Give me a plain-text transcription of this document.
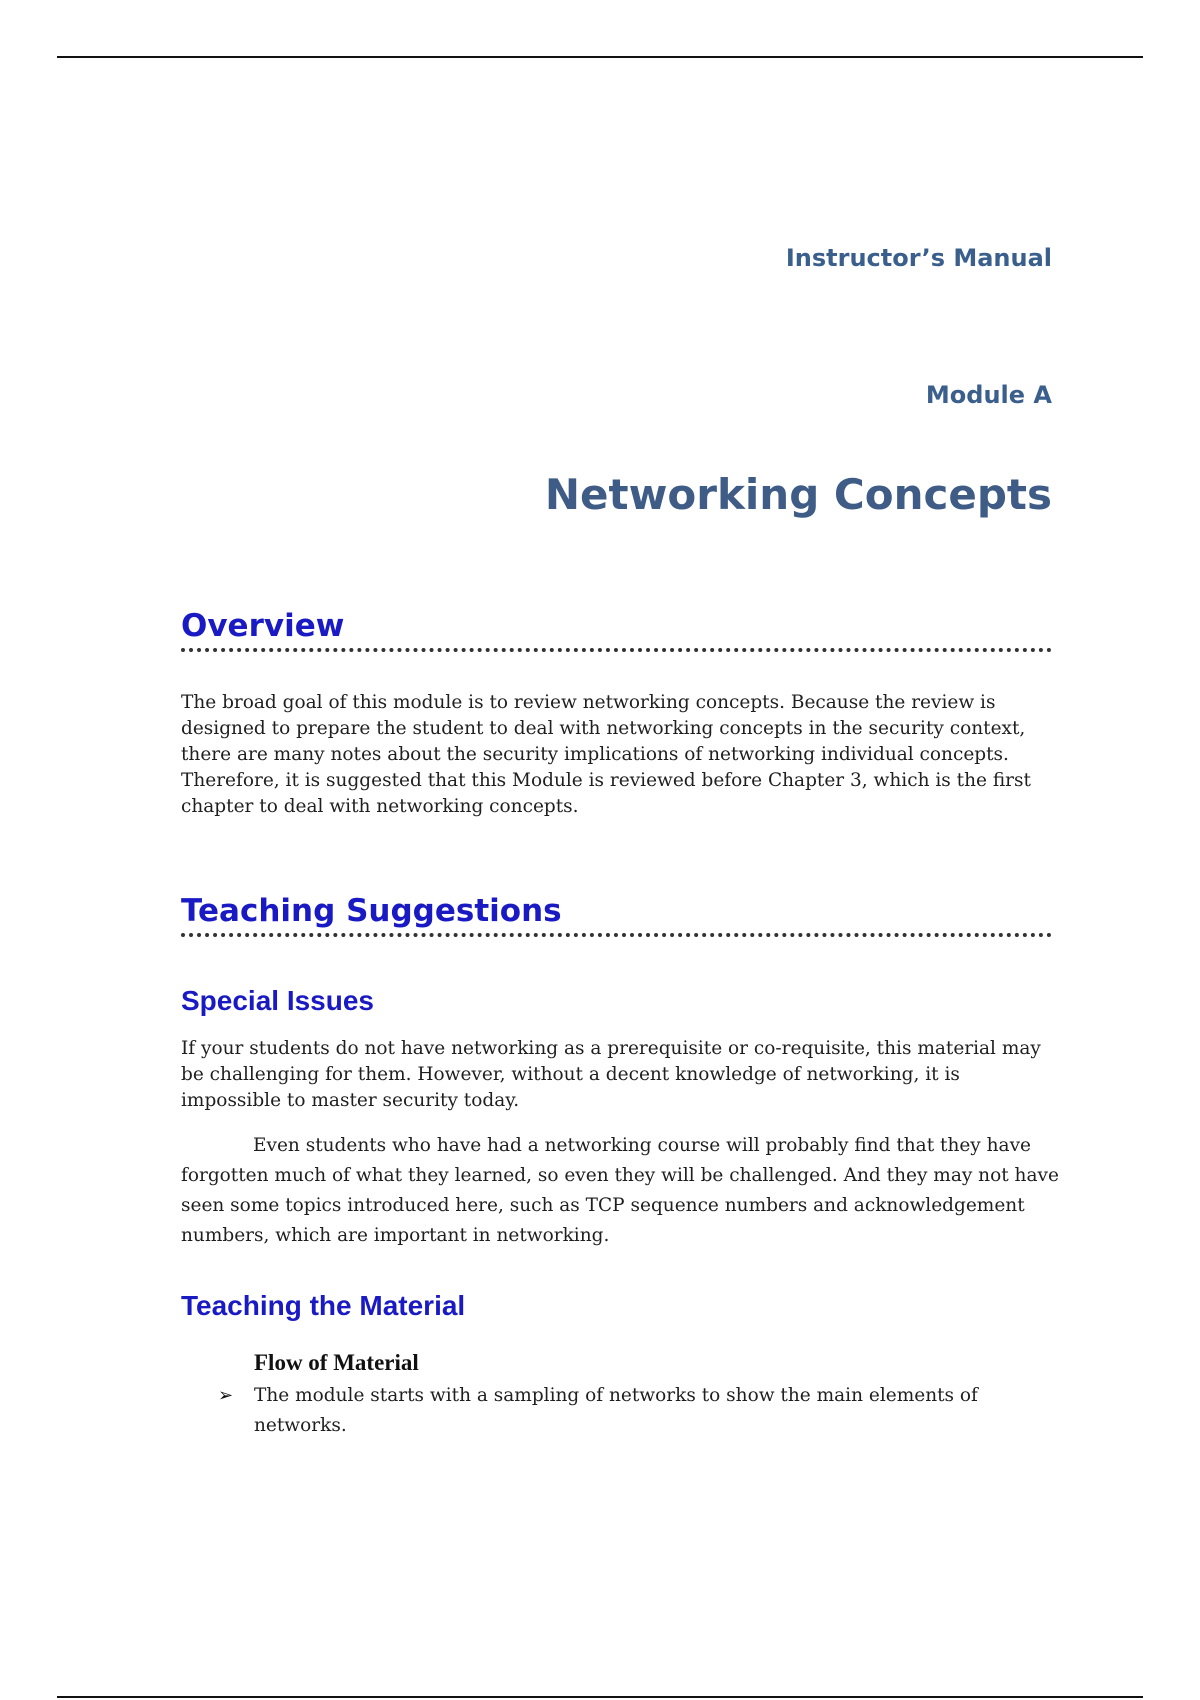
Instructor’s Manual
Module A
Networking Concepts
Overview

The broad goal of this module is to review networking concepts. Because the review is designed to prepare the student to deal with networking concepts in the security context, there are many notes about the security implications of networking individual concepts. Therefore, it is suggested that this Module is reviewed before Chapter 3, which is the first chapter to deal with networking concepts.

Teaching Suggestions
Special Issues

If your students do not have networking as a prerequisite or co-requisite, this material may be challenging for them. However, without a decent knowledge of networking, it is impossible to master security today.

Even students who have had a networking course will probably find that they have forgotten much of what they learned, so even they will be challenged. And they may not have seen some topics introduced here, such as TCP sequence numbers and acknowledgement numbers, which are important in networking.

Teaching the Material
Flow of Material
➢	The module starts with a sampling of networks to show the main elements of networks.
